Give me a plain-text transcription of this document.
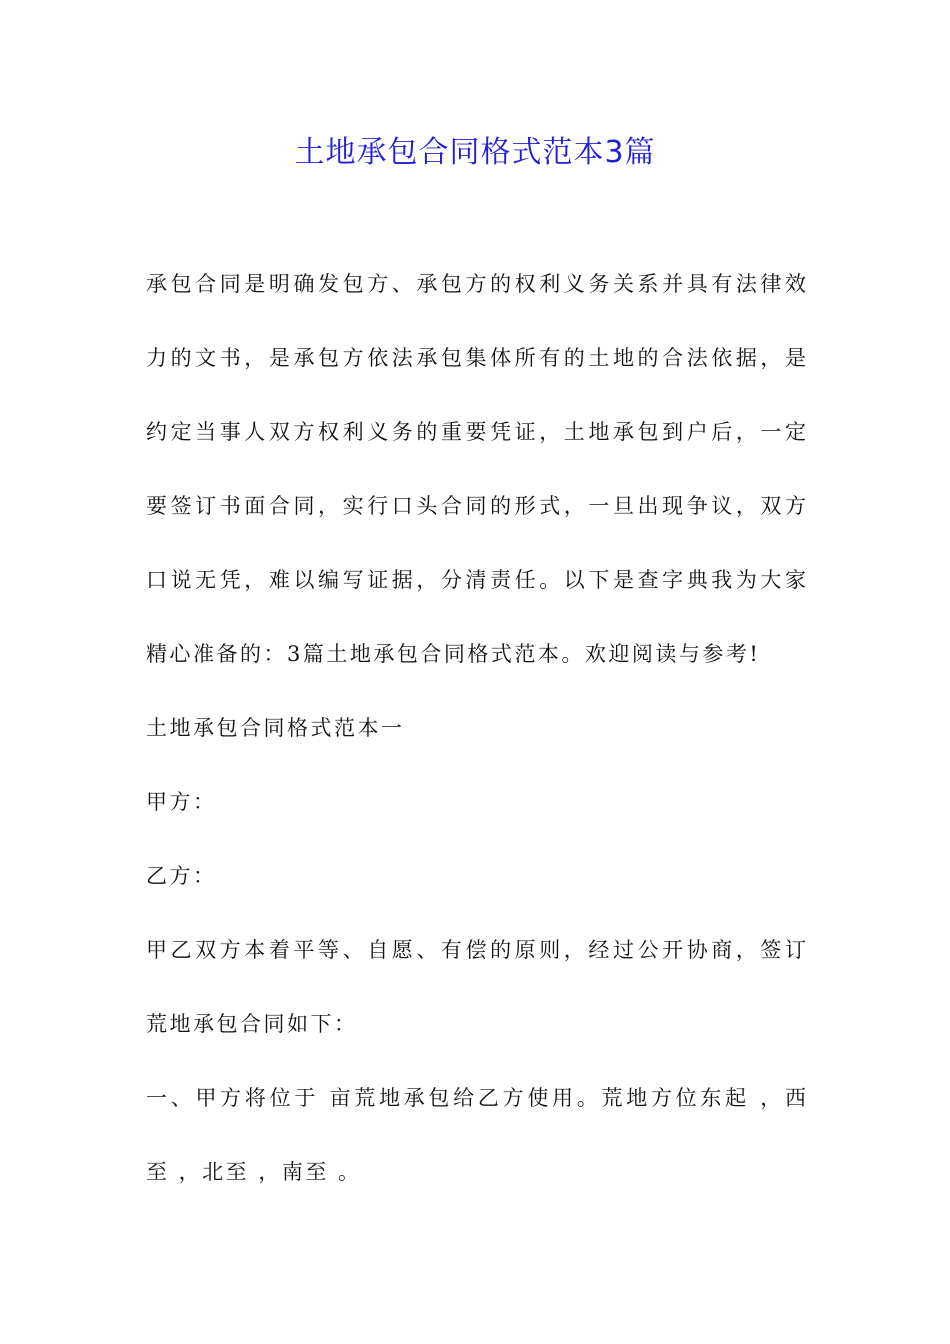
土地承包合同格式范本3篇
承包合同是明确发包方、承包方的权利义务关系并具有法律效
力的文书，是承包方依法承包集体所有的土地的合法依据，是
约定当事人双方权利义务的重要凭证，土地承包到户后，一定
要签订书面合同，实行口头合同的形式，一旦出现争议，双方
口说无凭，难以编写证据，分清责任。以下是查字典我为大家
精心准备的：3篇土地承包合同格式范本。欢迎阅读与参考!
土地承包合同格式范本一
甲方：
乙方：
甲乙双方本着平等、自愿、有偿的原则，经过公开协商，签订
荒地承包合同如下：
一、甲方将位于 亩荒地承包给乙方使用。荒地方位东起 ，西
至 ，北至 ，南至 。
